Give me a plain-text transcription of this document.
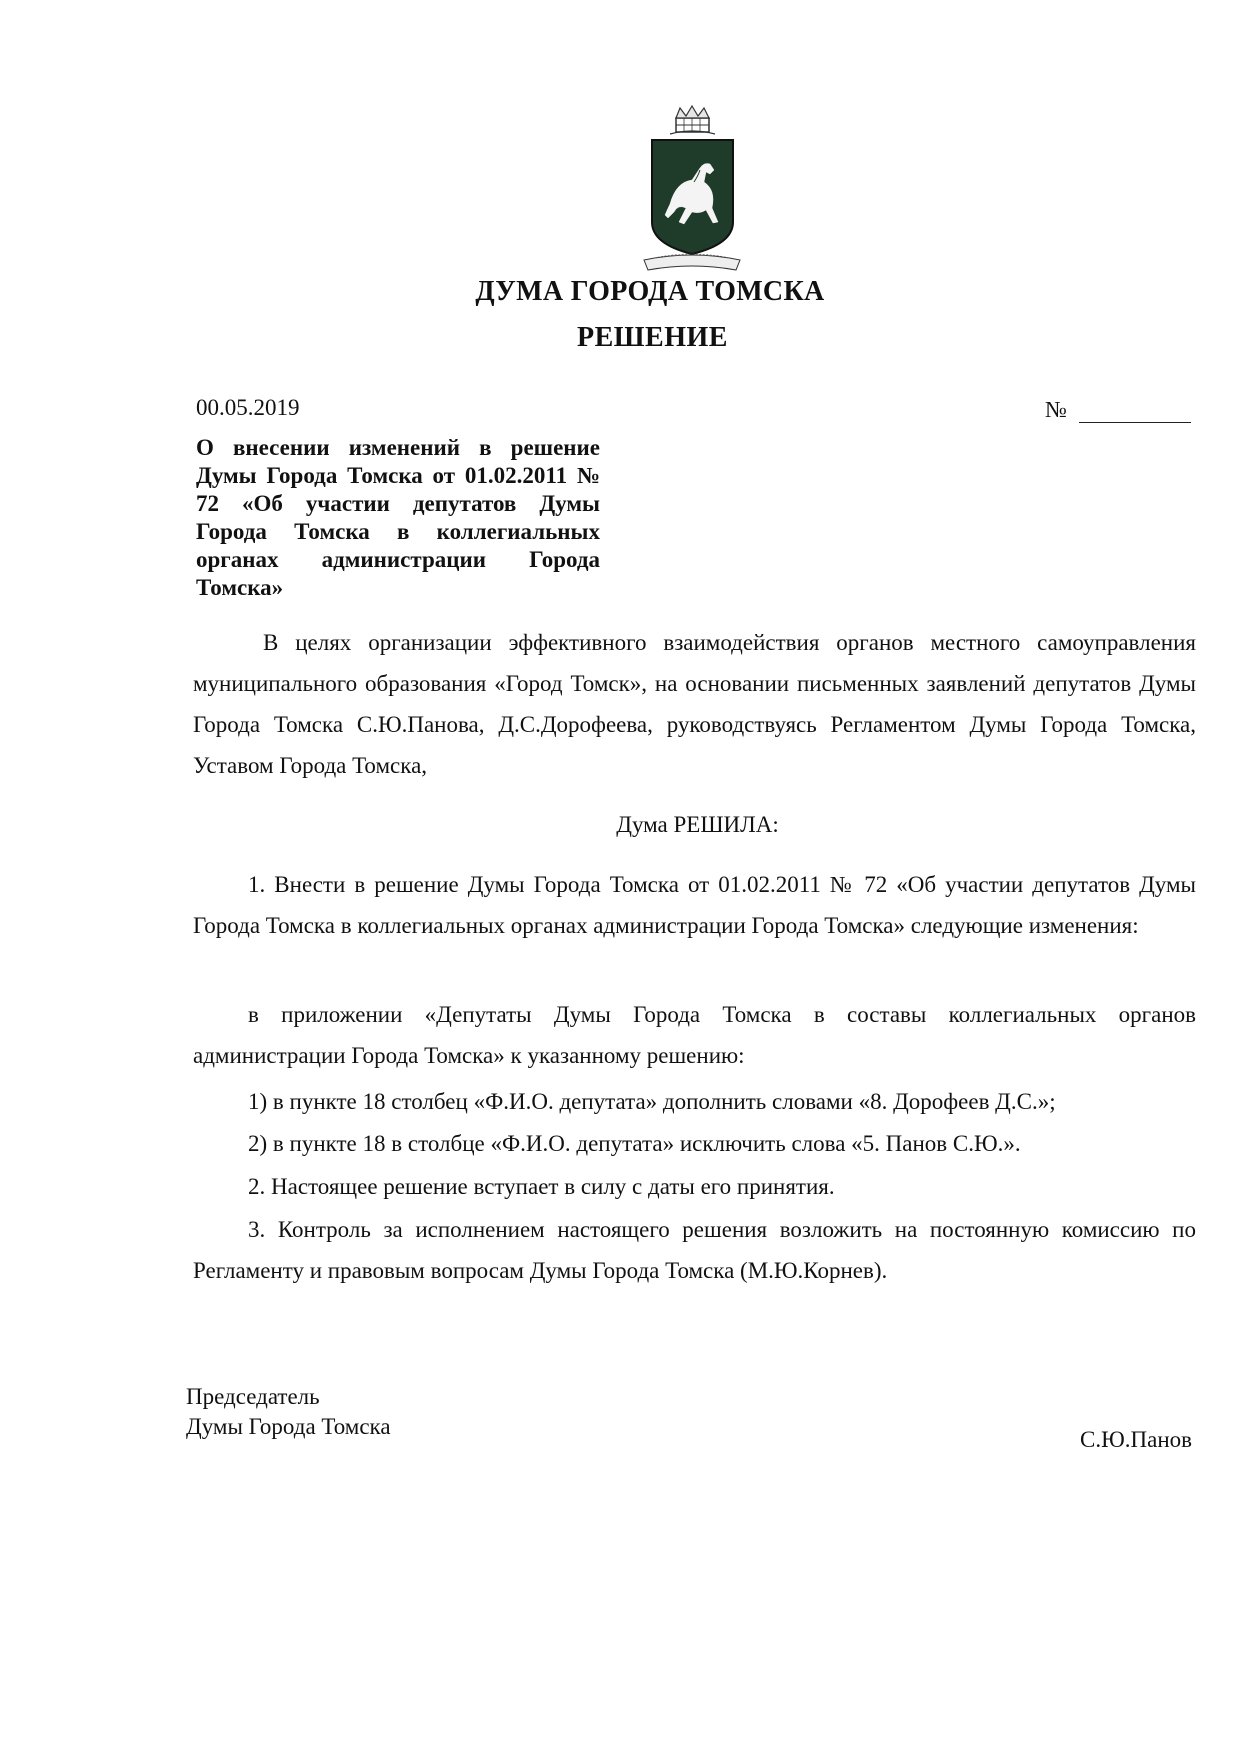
ДУМА ГОРОДА ТОМСКА
РЕШЕНИЕ
00.05.2019	№
О внесении изменений в решение Думы Города Томска от 01.02.2011 № 72 «Об участии депутатов Думы Города Томска в коллегиальных органах администрации Города Томска»
В целях организации эффективного взаимодействия органов местного самоуправления муниципального образования «Город Томск», на основании письменных заявлений депутатов Думы Города Томска С.Ю.Панова, Д.С.Дорофеева, руководствуясь Регламентом Думы Города Томска, Уставом Города Томска,
Дума РЕШИЛА:
1. Внести в решение Думы Города Томска от 01.02.2011 № 72 «Об участии депутатов Думы Города Томска в коллегиальных органах администрации Города Томска» следующие изменения:
в приложении «Депутаты Думы Города Томска в составы коллегиальных органов администрации Города Томска» к указанному решению:
1) в пункте 18 столбец «Ф.И.О. депутата» дополнить словами «8. Дорофеев Д.С.»;
2) в пункте 18 в столбце «Ф.И.О. депутата» исключить слова «5. Панов С.Ю.».
2. Настоящее решение вступает в силу с даты его принятия.
3. Контроль за исполнением настоящего решения возложить на постоянную комиссию по Регламенту и правовым вопросам Думы Города Томска (М.Ю.Корнев).
Председатель
Думы Города Томска
С.Ю.Панов
